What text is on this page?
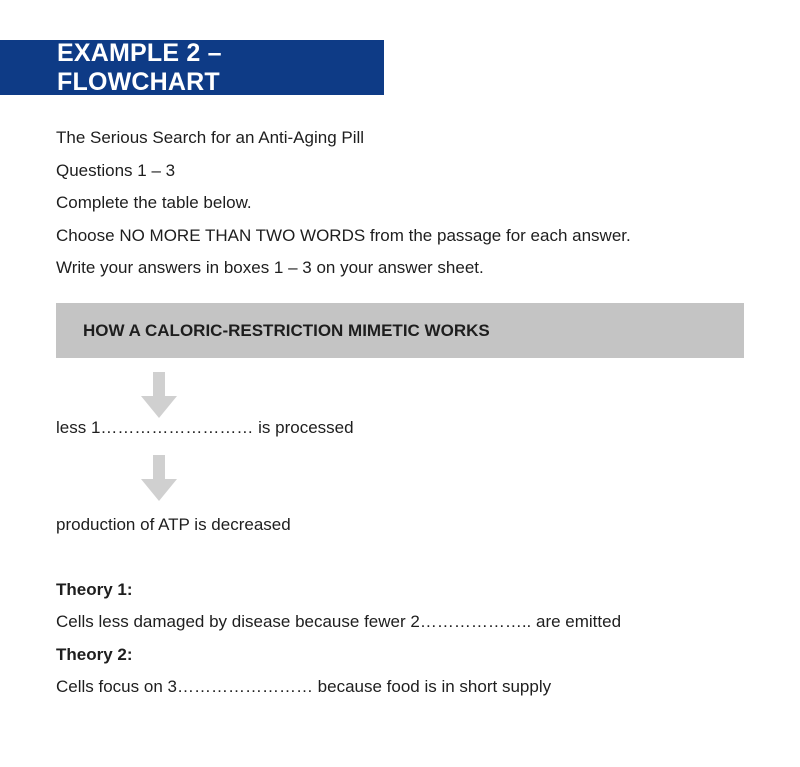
EXAMPLE 2 – FLOWCHART
The Serious Search for an Anti-Aging Pill
Questions 1 – 3
Complete the table below.
Choose NO MORE THAN TWO WORDS from the passage for each answer.
Write your answers in boxes 1 – 3 on your answer sheet.
HOW A CALORIC-RESTRICTION MIMETIC WORKS
less 1……………………… is processed
production of ATP is decreased
Theory 1:
Cells less damaged by disease because fewer 2……………….. are emitted
Theory 2:
Cells focus on 3…………………… because food is in short supply
